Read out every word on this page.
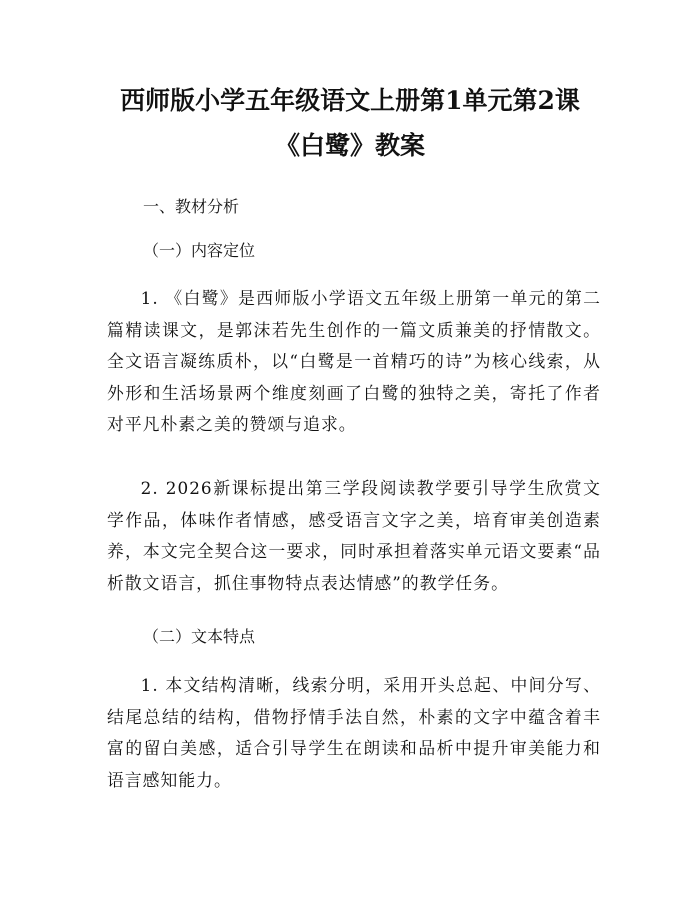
西师版小学五年级语文上册第1单元第2课
《白鹭》教案
一、教材分析
（一）内容定位

1. 《白鹭》是西师版小学语文五年级上册第一单元的第二篇精读课文，是郭沫若先生创作的一篇文质兼美的抒情散文。全文语言凝练质朴，以“白鹭是一首精巧的诗”为核心线索，从外形和生活场景两个维度刻画了白鹭的独特之美，寄托了作者对平凡朴素之美的赞颂与追求。

2. 2026新课标提出第三学段阅读教学要引导学生欣赏文学作品，体味作者情感，感受语言文字之美，培育审美创造素养，本文完全契合这一要求，同时承担着落实单元语文要素“品析散文语言，抓住事物特点表达情感”的教学任务。

（二）文本特点

1. 本文结构清晰，线索分明，采用开头总起、中间分写、结尾总结的结构，借物抒情手法自然，朴素的文字中蕴含着丰富的留白美感，适合引导学生在朗读和品析中提升审美能力和语言感知能力。
